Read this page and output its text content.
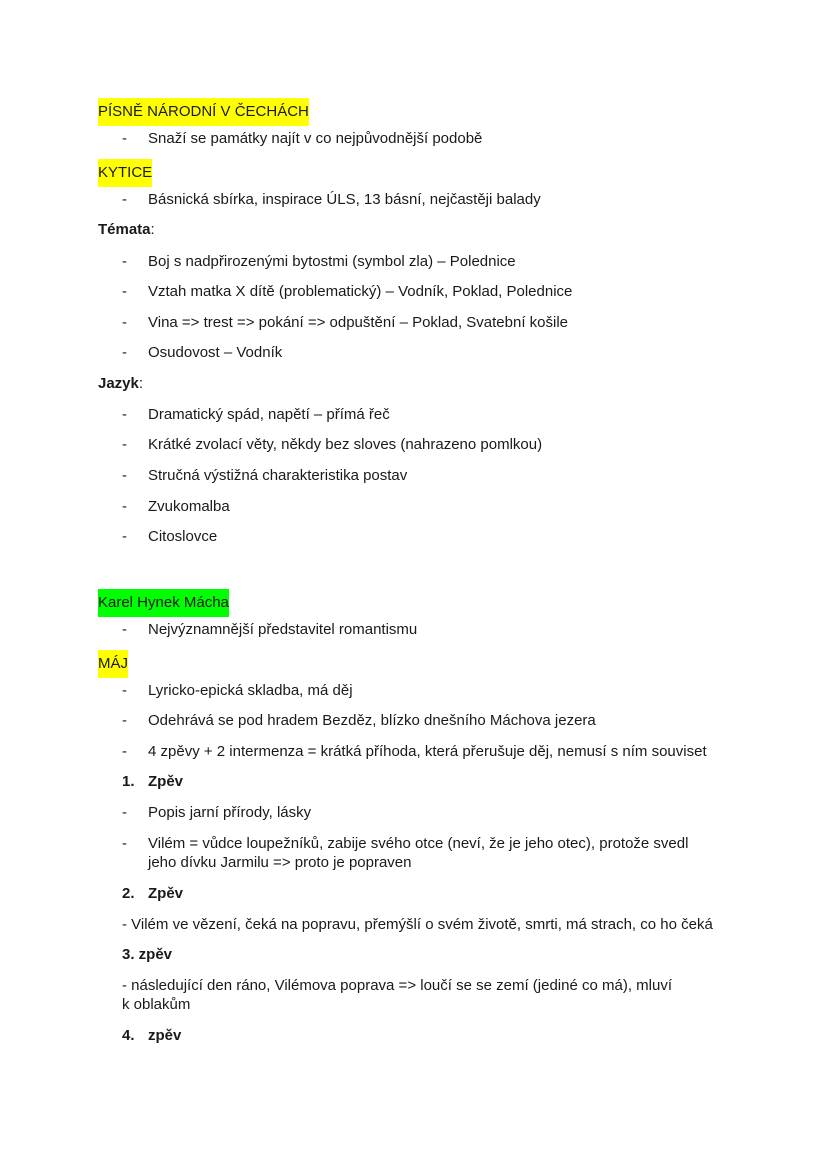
PÍSNĚ NÁRODNÍ V ČECHÁCH
-	Snaží se památky najít v co nejpůvodnější podobě
KYTICE
-	Básnická sbírka, inspirace ÚLS, 13 básní, nejčastěji balady
Témata:
-	Boj s nadpřirozenými bytostmi (symbol zla) – Polednice
-	Vztah matka X dítě (problematický) – Vodník, Poklad, Polednice
-	Vina => trest => pokání => odpuštění – Poklad, Svatební košile
-	Osudovost – Vodník
Jazyk:
-	Dramatický spád, napětí – přímá řeč
-	Krátké zvolací věty, někdy bez sloves (nahrazeno pomlkou)
-	Stručná výstižná charakteristika postav
-	Zvukomalba
-	Citoslovce
Karel Hynek Mácha
-	Nejvýznamnější představitel romantismu
MÁJ
-	Lyricko-epická skladba, má děj
-	Odehrává se pod hradem Bezděz, blízko dnešního Máchova jezera
-	4 zpěvy + 2 intermenza = krátká příhoda, která přerušuje děj, nemusí s ním souviset
1. Zpěv
-	Popis jarní přírody, lásky
-	Vilém = vůdce loupežníků, zabije svého otce (neví, že je jeho otec), protože svedl
jeho dívku Jarmilu => proto je popraven
2. Zpěv
- Vilém ve vězení, čeká na popravu, přemýšlí o svém životě, smrti, má strach, co ho čeká
3. zpěv
- následující den ráno, Vilémova poprava => loučí se se zemí (jediné co má), mluví
k oblakům
4. zpěv
